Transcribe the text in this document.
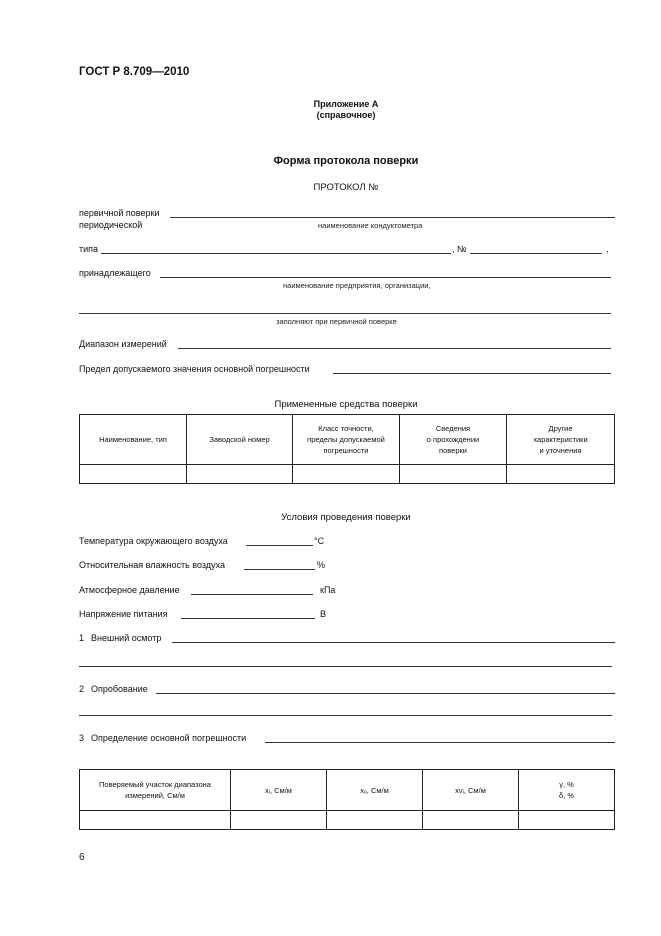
ГОСТ Р 8.709—2010
Приложение А
(справочное)
Форма протокола поверки
ПРОТОКОЛ №
первичной поверки
периодической	наименование кондуктометра
типа	, №	,
принадлежащего
наименование предприятия, организации,
заполняют при первичной поверке
Диапазон измерений
Предел допускаемого значения основной погрешности
Примененные средства поверки
Наименование, тип	Заводской номер	Класс точности,
пределы допускаемой
погрешности	Сведения
о прохождении
поверки	Другие
характеристики
и уточнения

Условия проведения поверки
Температура окружающего воздуха	°С
Относительная влажность воздуха	%
Атмосферное давление	кПа
Напряжение питания	В
1 Внешний осмотр
2 Опробование
3 Определение основной погрешности
Поверяемый участок диапазона
измерений, См/м	xᵢ, См/м	xₒ, См/м	xᴠᵢ, См/м	γ, %
δ, %

6
